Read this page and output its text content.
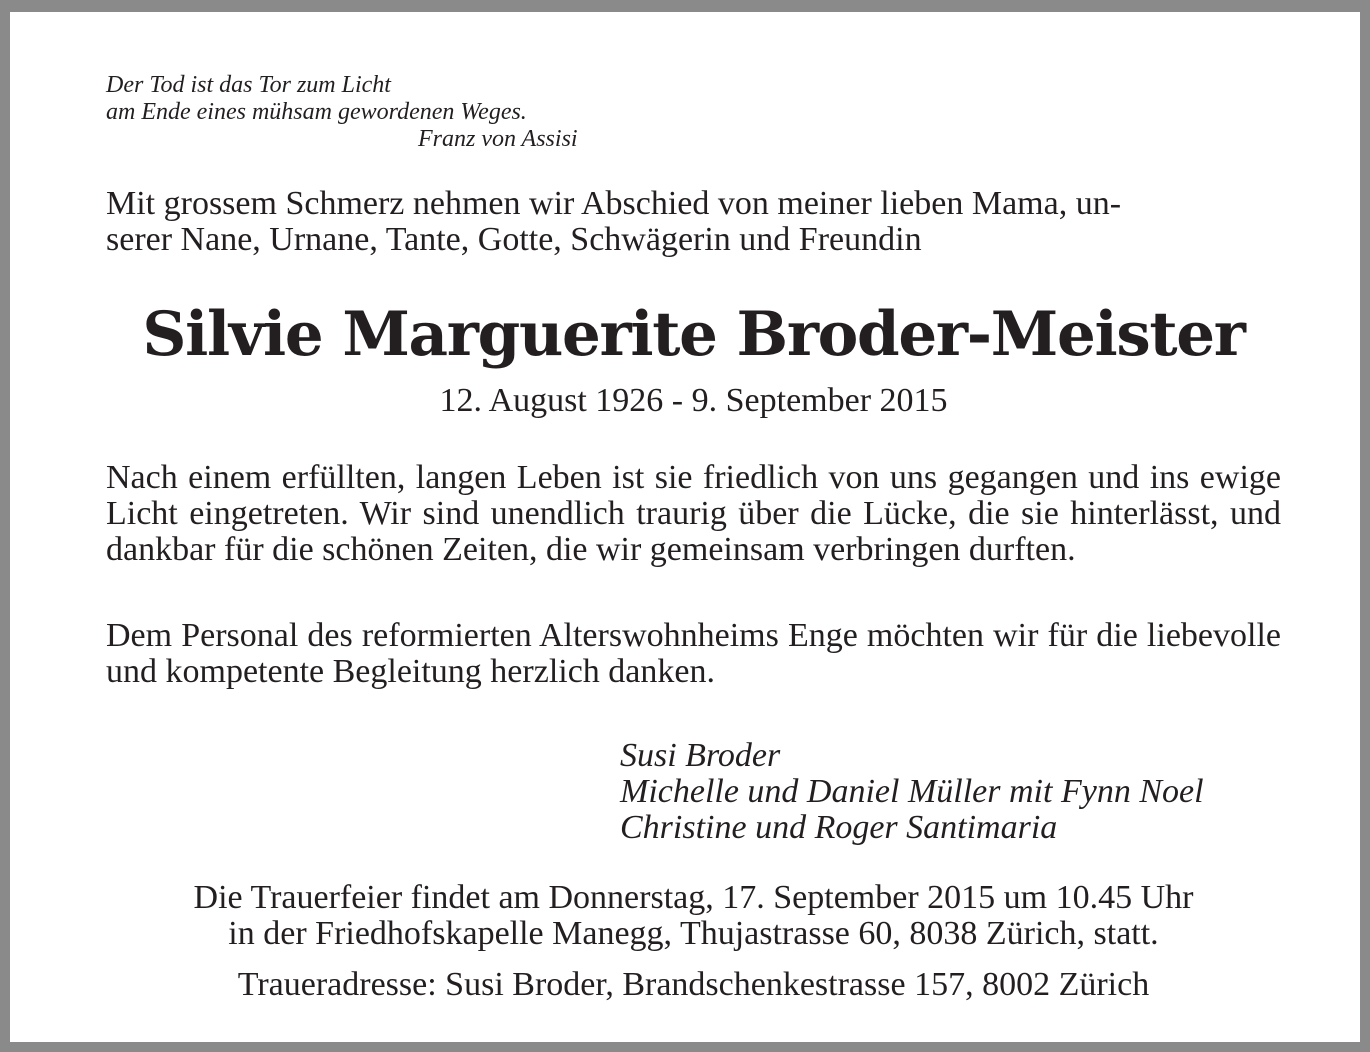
Der Tod ist das Tor zum Licht
am Ende eines mühsam gewordenen Weges.
Franz von Assisi
Mit grossem Schmerz nehmen wir Abschied von meiner lieben Mama, un-
serer Nane, Urnane, Tante, Gotte, Schwägerin und Freundin
Silvie Marguerite Broder-Meister
12. August 1926 - 9. September 2015
Nach einem erfüllten, langen Leben ist sie friedlich von uns gegangen und ins ewige Licht eingetreten. Wir sind unendlich traurig über die Lücke, die sie hinterlässt, und dankbar für die schönen Zeiten, die wir gemeinsam verbringen durften.
Dem Personal des reformierten Alterswohnheims Enge möchten wir für die liebevolle und kompetente Begleitung herzlich danken.
Susi Broder
Michelle und Daniel Müller mit Fynn Noel
Christine und Roger Santimaria
Die Trauerfeier findet am Donnerstag, 17. September 2015 um 10.45 Uhr
in der Friedhofskapelle Manegg, Thujastrasse 60, 8038 Zürich, statt.
Traueradresse: Susi Broder, Brandschenkestrasse 157, 8002 Zürich
